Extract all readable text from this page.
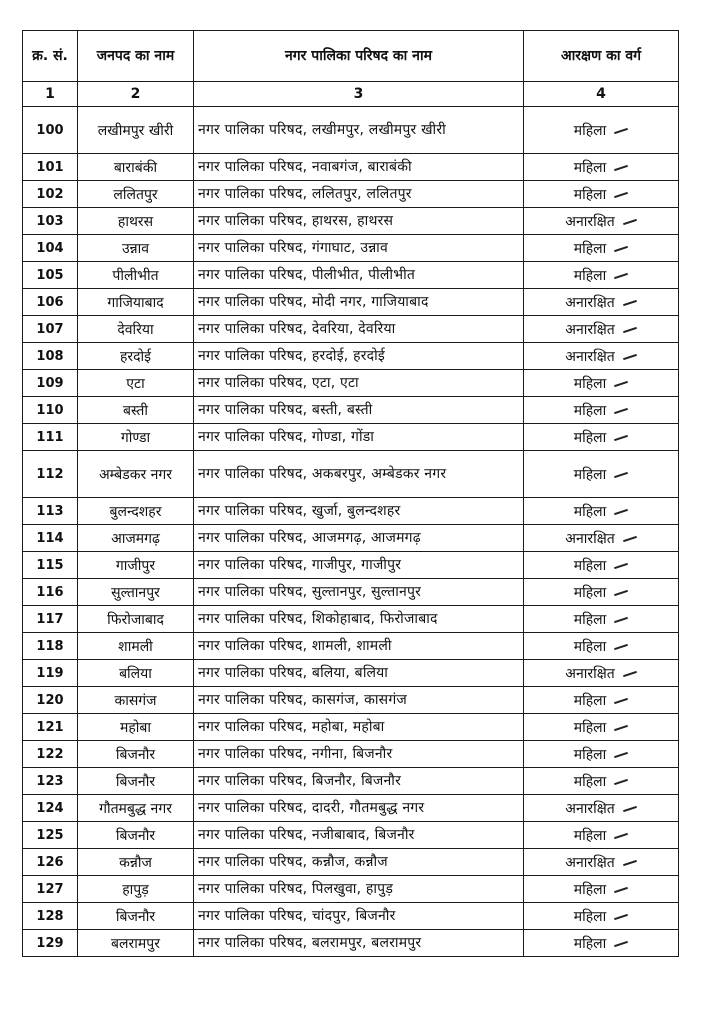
क्र. सं.	जनपद का नाम	नगर पालिका परिषद का नाम	आरक्षण का वर्ग
1	2	3	4
100	लखीमपुर खीरी	नगर पालिका परिषद, लखीमपुर, लखीमपुर खीरी	महिला
101	बाराबंकी	नगर पालिका परिषद, नवाबगंज, बाराबंकी	महिला
102	ललितपुर	नगर पालिका परिषद, ललितपुर, ललितपुर	महिला
103	हाथरस	नगर पालिका परिषद, हाथरस, हाथरस	अनारक्षित
104	उन्नाव	नगर पालिका परिषद, गंगाघाट, उन्नाव	महिला
105	पीलीभीत	नगर पालिका परिषद, पीलीभीत, पीलीभीत	महिला
106	गाजियाबाद	नगर पालिका परिषद, मोदी नगर, गाजियाबाद	अनारक्षित
107	देवरिया	नगर पालिका परिषद, देवरिया, देवरिया	अनारक्षित
108	हरदोई	नगर पालिका परिषद, हरदोई, हरदोई	अनारक्षित
109	एटा	नगर पालिका परिषद, एटा, एटा	महिला
110	बस्ती	नगर पालिका परिषद, बस्ती, बस्ती	महिला
111	गोण्डा	नगर पालिका परिषद, गोण्डा, गोंडा	महिला
112	अम्बेडकर नगर	नगर पालिका परिषद, अकबरपुर, अम्बेडकर नगर	महिला
113	बुलन्दशहर	नगर पालिका परिषद, खुर्जा, बुलन्दशहर	महिला
114	आजमगढ़	नगर पालिका परिषद, आजमगढ़, आजमगढ़	अनारक्षित
115	गाजीपुर	नगर पालिका परिषद, गाजीपुर, गाजीपुर	महिला
116	सुल्तानपुर	नगर पालिका परिषद, सुल्तानपुर, सुल्तानपुर	महिला
117	फिरोजाबाद	नगर पालिका परिषद, शिकोहाबाद, फिरोजाबाद	महिला
118	शामली	नगर पालिका परिषद, शामली, शामली	महिला
119	बलिया	नगर पालिका परिषद, बलिया, बलिया	अनारक्षित
120	कासगंज	नगर पालिका परिषद, कासगंज, कासगंज	महिला
121	महोबा	नगर पालिका परिषद, महोबा, महोबा	महिला
122	बिजनौर	नगर पालिका परिषद, नगीना, बिजनौर	महिला
123	बिजनौर	नगर पालिका परिषद, बिजनौर, बिजनौर	महिला
124	गौतमबुद्ध नगर	नगर पालिका परिषद, दादरी, गौतमबुद्ध नगर	अनारक्षित
125	बिजनौर	नगर पालिका परिषद, नजीबाबाद, बिजनौर	महिला
126	कन्नौज	नगर पालिका परिषद, कन्नौज, कन्नौज	अनारक्षित
127	हापुड़	नगर पालिका परिषद, पिलखुवा, हापुड़	महिला
128	बिजनौर	नगर पालिका परिषद, चांदपुर, बिजनौर	महिला
129	बलरामपुर	नगर पालिका परिषद, बलरामपुर, बलरामपुर	महिला
